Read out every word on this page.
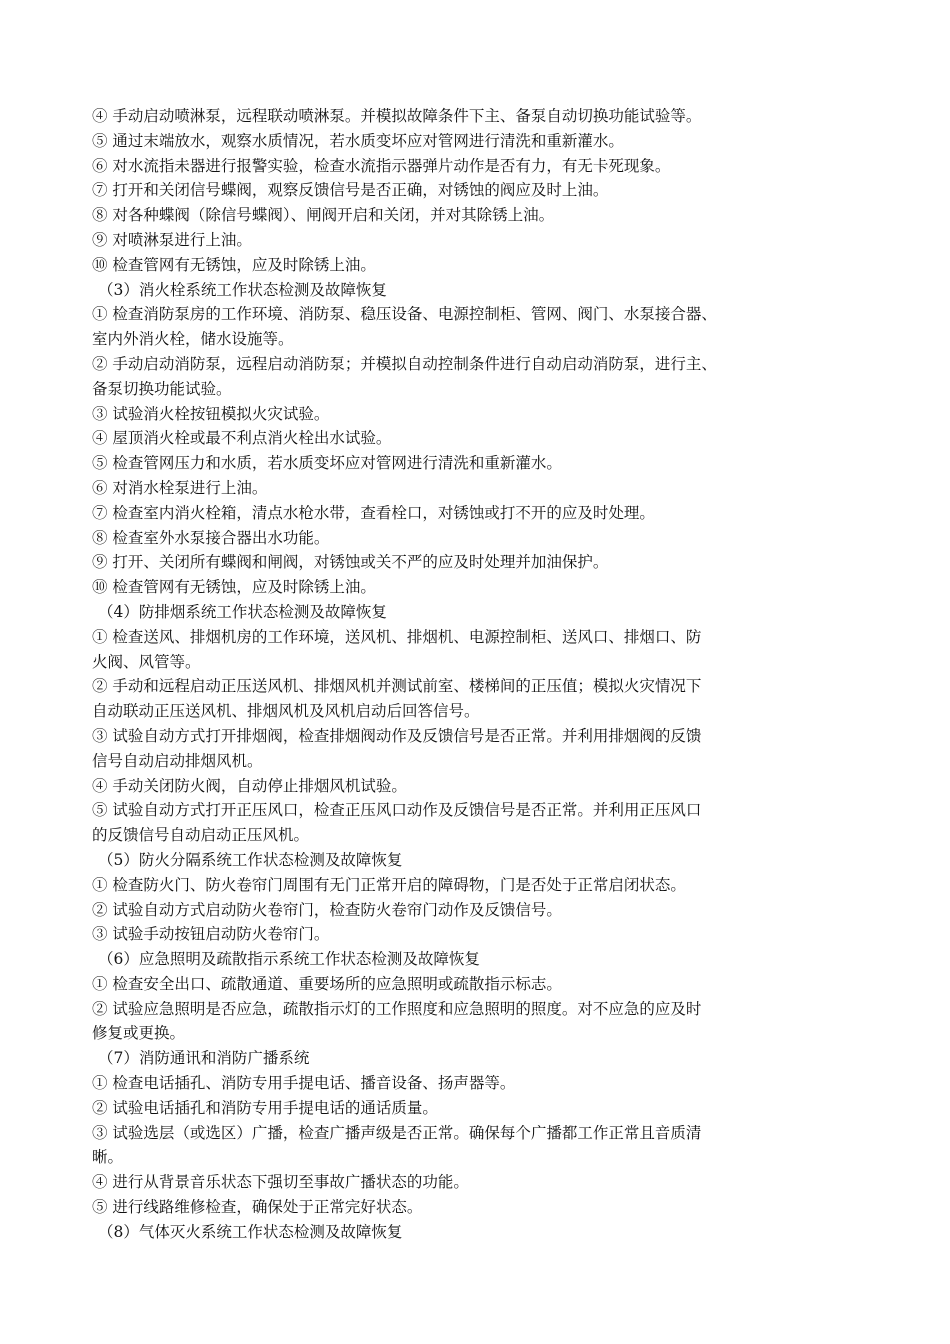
④ 手动启动喷淋泵，远程联动喷淋泵。并模拟故障条件下主、备泵自动切换功能试验等。
⑤ 通过末端放水，观察水质情况，若水质变坏应对管网进行清洗和重新灌水。
⑥ 对水流指未器进行报警实验，检查水流指示器弹片动作是否有力，有无卡死现象。
⑦ 打开和关闭信号蝶阀，观察反馈信号是否正确，对锈蚀的阀应及时上油。
⑧ 对各种蝶阀（除信号蝶阀）、闸阀开启和关闭，并对其除锈上油。
⑨ 对喷淋泵进行上油。
⑩ 检查管网有无锈蚀，应及时除锈上油。
（3）消火栓系统工作状态检测及故障恢复
① 检查消防泵房的工作环境、消防泵、稳压设备、电源控制柜、管网、阀门、水泵接合器、
室内外消火栓，储水设施等。
② 手动启动消防泵，远程启动消防泵；并模拟自动控制条件进行自动启动消防泵，进行主、
备泵切换功能试验。
③ 试验消火栓按钮模拟火灾试验。
④ 屋顶消火栓或最不利点消火栓出水试验。
⑤ 检查管网压力和水质，若水质变坏应对管网进行清洗和重新灌水。
⑥ 对消水栓泵进行上油。
⑦ 检查室内消火栓箱，清点水枪水带，查看栓口，对锈蚀或打不开的应及时处理。
⑧ 检查室外水泵接合器出水功能。
⑨ 打开、关闭所有蝶阀和闸阀，对锈蚀或关不严的应及时处理并加油保护。
⑩ 检查管网有无锈蚀，应及时除锈上油。
（4）防排烟系统工作状态检测及故障恢复
① 检查送风、排烟机房的工作环境，送风机、排烟机、电源控制柜、送风口、排烟口、防
火阀、风管等。
② 手动和远程启动正压送风机、排烟风机并测试前室、楼梯间的正压值；模拟火灾情况下
自动联动正压送风机、排烟风机及风机启动后回答信号。
③ 试验自动方式打开排烟阀，检查排烟阀动作及反馈信号是否正常。并利用排烟阀的反馈
信号自动启动排烟风机。
④ 手动关闭防火阀，自动停止排烟风机试验。
⑤ 试验自动方式打开正压风口，检查正压风口动作及反馈信号是否正常。并利用正压风口
的反馈信号自动启动正压风机。
（5）防火分隔系统工作状态检测及故障恢复
① 检查防火门、防火卷帘门周围有无门正常开启的障碍物，门是否处于正常启闭状态。
② 试验自动方式启动防火卷帘门，检查防火卷帘门动作及反馈信号。
③ 试验手动按钮启动防火卷帘门。
（6）应急照明及疏散指示系统工作状态检测及故障恢复
① 检查安全出口、疏散通道、重要场所的应急照明或疏散指示标志。
② 试验应急照明是否应急，疏散指示灯的工作照度和应急照明的照度。对不应急的应及时
修复或更换。
（7）消防通讯和消防广播系统
① 检查电话插孔、消防专用手提电话、播音设备、扬声器等。
② 试验电话插孔和消防专用手提电话的通话质量。
③ 试验选层（或选区）广播，检查广播声级是否正常。确保每个广播都工作正常且音质清
晰。
④ 进行从背景音乐状态下强切至事故广播状态的功能。
⑤ 进行线路维修检查，确保处于正常完好状态。
（8）气体灭火系统工作状态检测及故障恢复
